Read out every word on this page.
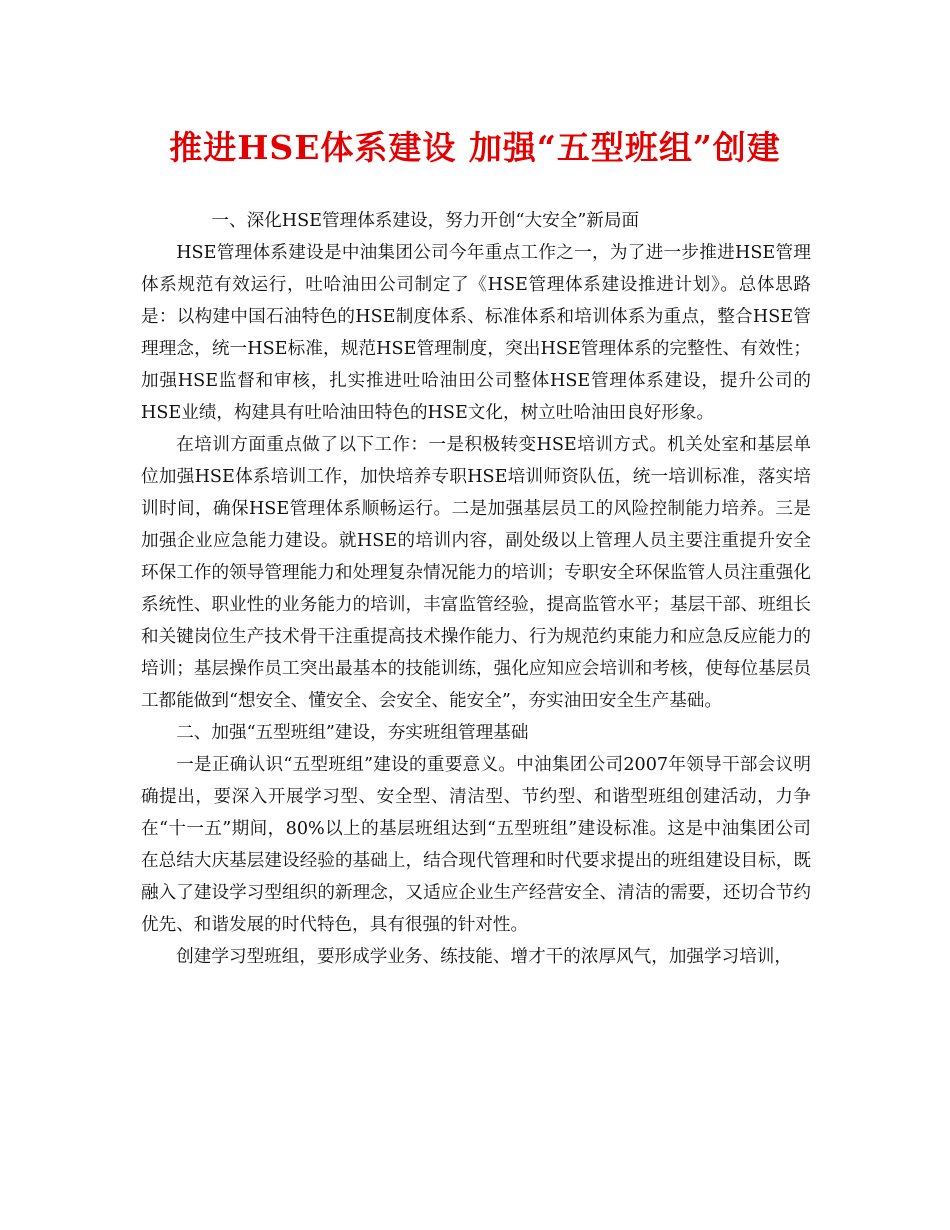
推进HSE体系建设 加强“五型班组”创建

一、深化HSE管理体系建设，努力开创“大安全”新局面

HSE管理体系建设是中油集团公司今年重点工作之一，为了进一步推进HSE管理体系规范有效运行，吐哈油田公司制定了《HSE管理体系建设推进计划》。总体思路是：以构建中国石油特色的HSE制度体系、标准体系和培训体系为重点，整合HSE管理理念，统一HSE标准，规范HSE管理制度，突出HSE管理体系的完整性、有效性；加强HSE监督和审核，扎实推进吐哈油田公司整体HSE管理体系建设，提升公司的HSE业绩，构建具有吐哈油田特色的HSE文化，树立吐哈油田良好形象。

在培训方面重点做了以下工作：一是积极转变HSE培训方式。机关处室和基层单位加强HSE体系培训工作，加快培养专职HSE培训师资队伍，统一培训标准，落实培训时间，确保HSE管理体系顺畅运行。二是加强基层员工的风险控制能力培养。三是加强企业应急能力建设。就HSE的培训内容，副处级以上管理人员主要注重提升安全环保工作的领导管理能力和处理复杂情况能力的培训；专职安全环保监管人员注重强化系统性、职业性的业务能力的培训，丰富监管经验，提高监管水平；基层干部、班组长和关键岗位生产技术骨干注重提高技术操作能力、行为规范约束能力和应急反应能力的培训；基层操作员工突出最基本的技能训练，强化应知应会培训和考核，使每位基层员工都能做到“想安全、懂安全、会安全、能安全”，夯实油田安全生产基础。

二、加强“五型班组”建设，夯实班组管理基础

一是正确认识“五型班组”建设的重要意义。中油集团公司2007年领导干部会议明确提出，要深入开展学习型、安全型、清洁型、节约型、和谐型班组创建活动，力争在“十一五”期间，80%以上的基层班组达到“五型班组”建设标准。这是中油集团公司在总结大庆基层建设经验的基础上，结合现代管理和时代要求提出的班组建设目标，既融入了建设学习型组织的新理念，又适应企业生产经营安全、清洁的需要，还切合节约优先、和谐发展的时代特色，具有很强的针对性。

创建学习型班组，要形成学业务、练技能、增才干的浓厚风气，加强学习培训，
